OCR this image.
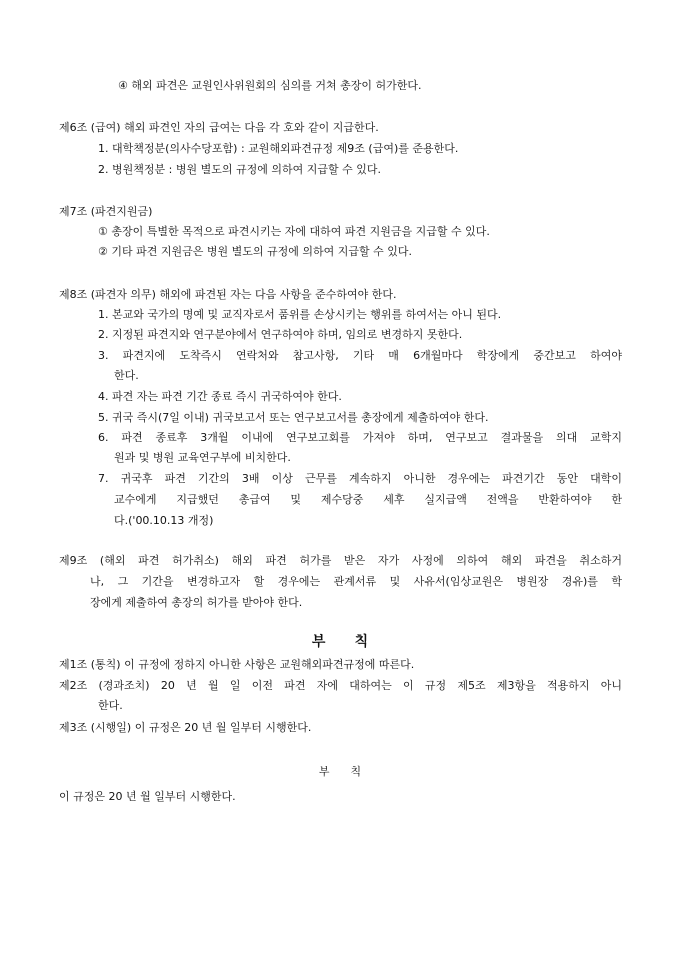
④ 해외 파견은 교원인사위원회의 심의를 거쳐 총장이 허가한다.
제6조 (급여) 해외 파견인 자의 급여는 다음 각 호와 같이 지급한다.
1. 대학책정분(의사수당포함) : 교원해외파견규정 제9조 (급여)를 준용한다.
2. 병원책정분 : 병원 별도의 규정에 의하여 지급할 수 있다.
제7조 (파견지원금)
① 총장이 특별한 목적으로 파견시키는 자에 대하여 파견 지원금을 지급할 수 있다.
② 기타 파견 지원금은 병원 별도의 규정에 의하여 지급할 수 있다.
제8조 (파견자 의무) 해외에 파견된 자는 다음 사항을 준수하여야 한다.
1. 본교와 국가의 명예 및 교직자로서 품위를 손상시키는 행위를 하여서는 아니 된다.
2. 지정된 파견지와 연구분야에서 연구하여야 하며, 임의로 변경하지 못한다.
3. 파견지에 도착즉시 연락처와 참고사항, 기타 매 6개월마다 학장에게 중간보고 하여야
한다.
4. 파견 자는 파견 기간 종료 즉시 귀국하여야 한다.
5. 귀국 즉시(7일 이내) 귀국보고서 또는 연구보고서를 총장에게 제출하여야 한다.
6. 파견 종료후 3개월 이내에 연구보고회를 가져야 하며, 연구보고 결과물을 의대 교학지
원과 및 병원 교육연구부에 비치한다.
7. 귀국후 파견 기간의 3배 이상 근무를 계속하지 아니한 경우에는 파견기간 동안 대학이
교수에게 지급했던 총급여 및 제수당중 세후 실지급액 전액을 반환하여야 한
다.('00.10.13 개정)
제9조 (해외 파견 허가취소) 해외 파견 허가를 받은 자가 사정에 의하여 해외 파견을 취소하거
나, 그 기간을 변경하고자 할 경우에는 관계서류 및 사유서(임상교원은 병원장 경유)를 학
장에게 제출하여 총장의 허가를 받아야 한다.
부      칙
제1조 (통칙) 이 규정에 정하지 아니한 사항은 교원해외파견규정에 따른다.
제2조 (경과조치) 20 년 월 일 이전 파견 자에 대하여는 이 규정 제5조 제3항을 적용하지 아니
한다.
제3조 (시행일) 이 규정은 20 년 월 일부터 시행한다.
부      칙
이 규정은 20 년 월 일부터 시행한다.
